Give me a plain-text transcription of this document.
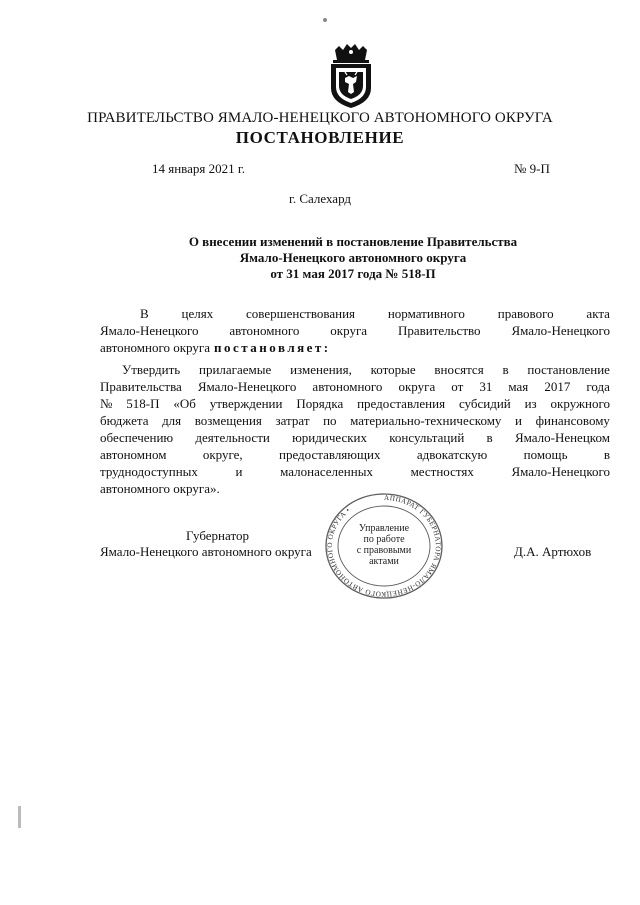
ПРАВИТЕЛЬСТВО ЯМАЛО-НЕНЕЦКОГО АВТОНОМНОГО ОКРУГА
ПОСТАНОВЛЕНИЕ
14 января 2021 г.	№ 9-П
г. Салехард
О внесении изменений в постановление Правительства
Ямало-Ненецкого автономного округа
от 31 мая 2017 года № 518-П
В	целях	совершенствования	нормативного	правового	акта
Ямало-Ненецкого автономного округа Правительство Ямало-Ненецкого
автономного округа постановляет:
Утвердить прилагаемые изменения, которые вносятся в постановление
Правительства Ямало-Ненецкого автономного округа от 31 мая 2017 года
№ 518-П «Об утверждении Порядка предоставления субсидий из окружного
бюджета для возмещения затрат по материально-техническому и финансовому
обеспечению деятельности юридических консультаций в Ямало-Ненецком
автономном	округе,	предоставляющих	адвокатскую	помощь	в
труднодоступных	и	малонаселенных	местностях	Ямало-Ненецкого
автономного округа».
Губернатор
Ямало-Ненецкого автономного округа	Д.А. Артюхов
АППАРАТ ГУБЕРНАТОРА ЯМАЛО-НЕНЕЦКОГО АВТОНОМНОГО ОКРУГА •
Управление
по работе
с правовыми
актами
